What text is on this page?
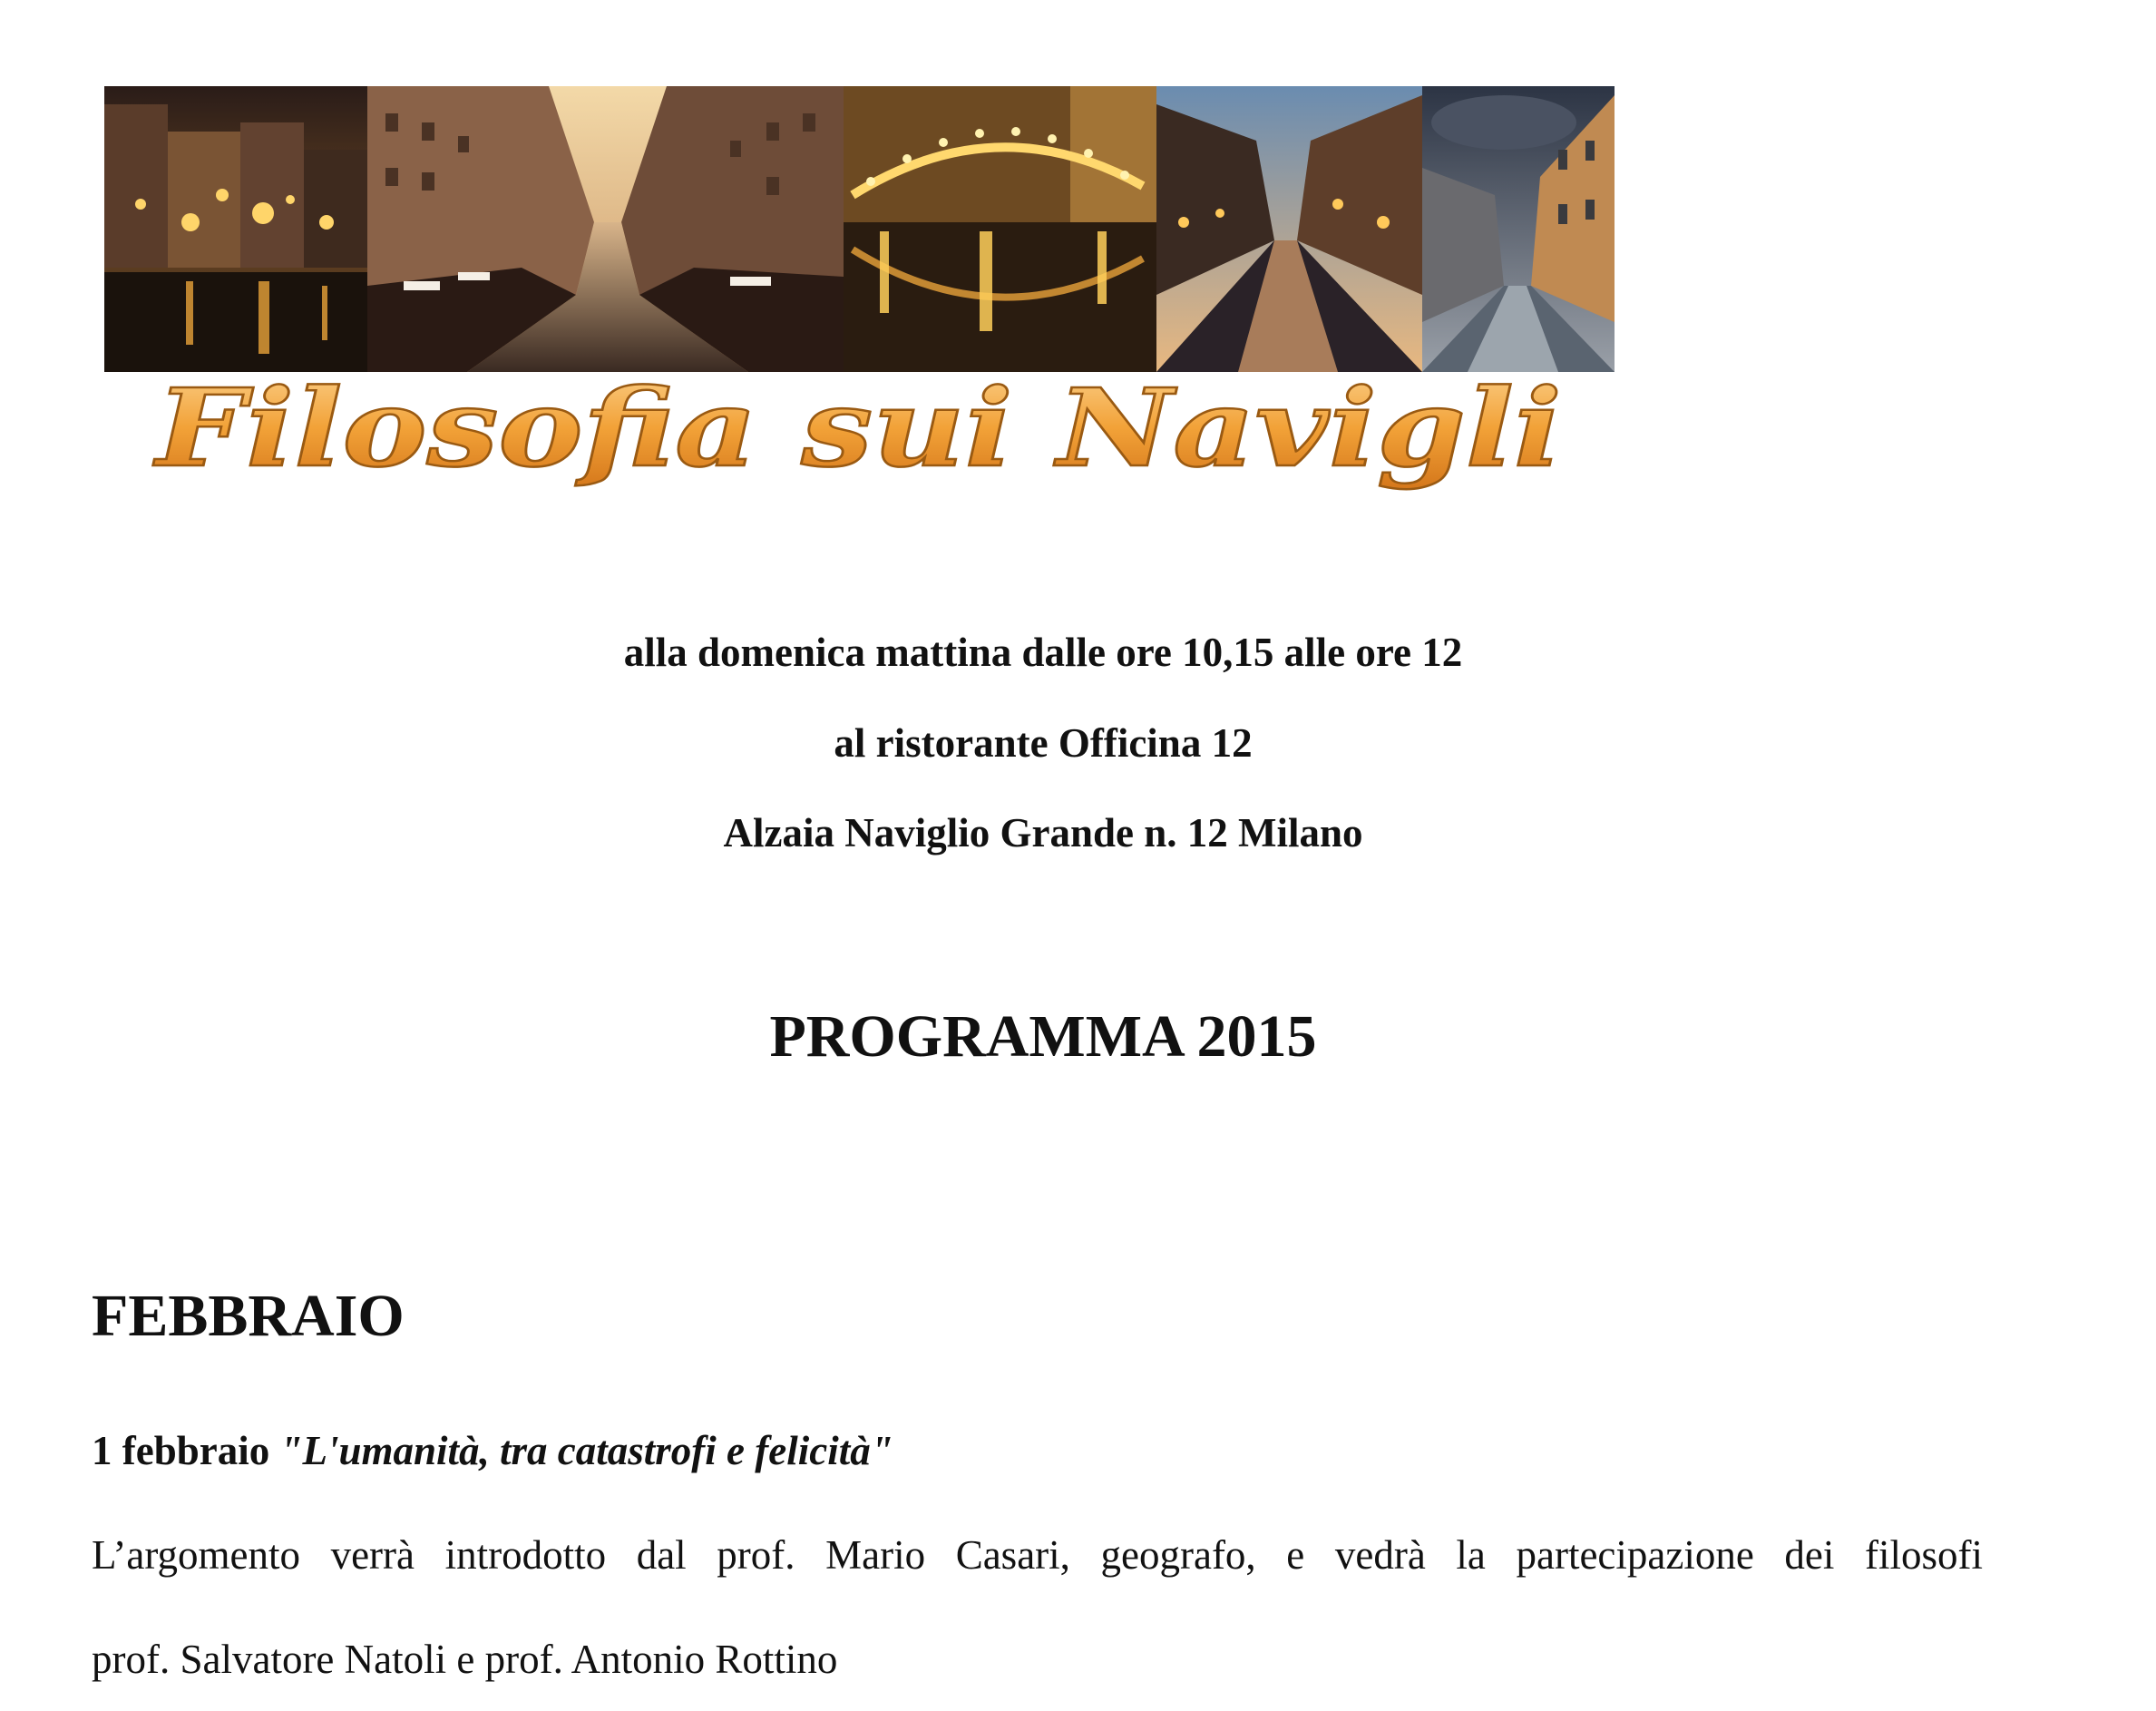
Filosofia sui Navigli
alla domenica mattina dalle ore 10,15 alle ore 12
al ristorante Officina 12
Alzaia Naviglio Grande n. 12 Milano
PROGRAMMA 2015
FEBBRAIO
1 febbraio "L'umanità, tra catastrofi e felicità"
L’argomento verrà introdotto dal prof. Mario Casari, geografo, e vedrà la partecipazione dei filosofi
prof. Salvatore Natoli e prof. Antonio Rottino
